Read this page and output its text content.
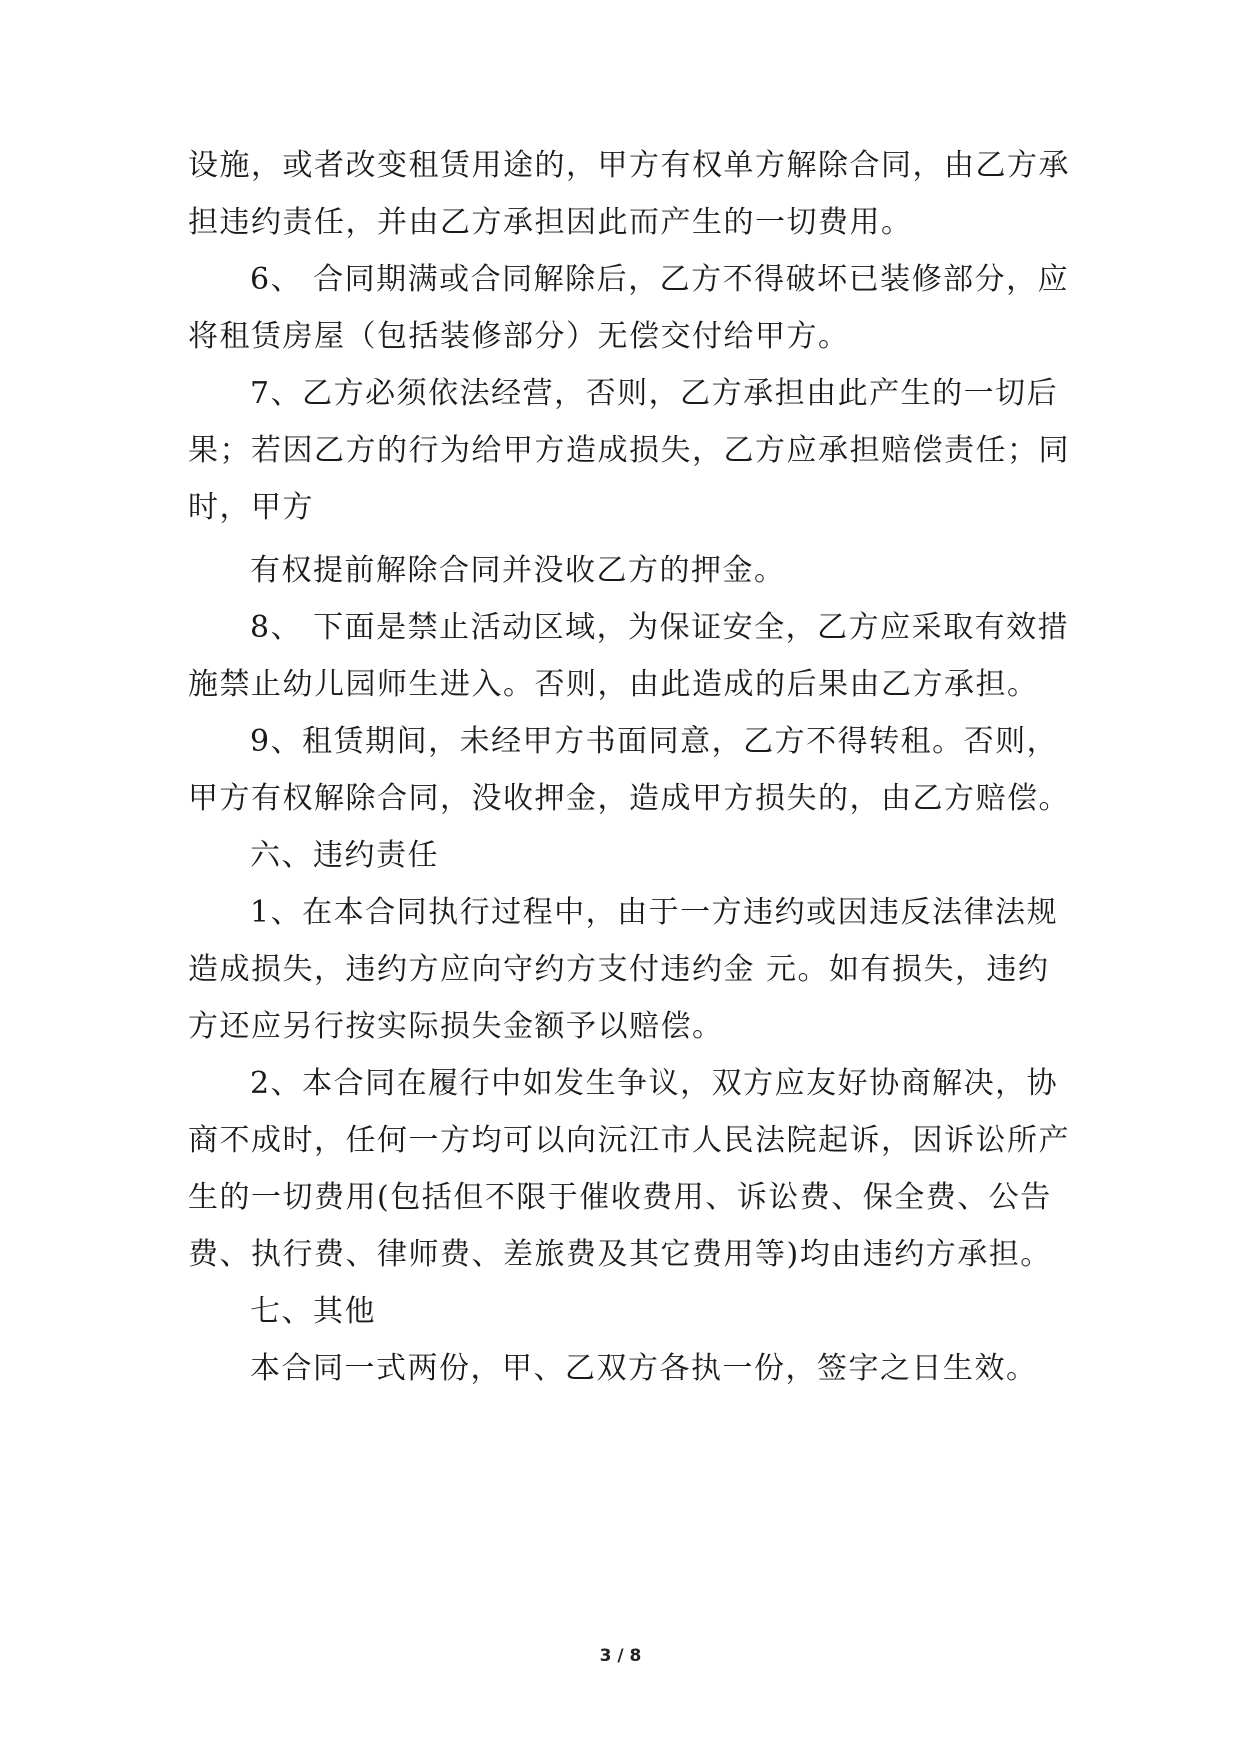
设施，或者改变租赁用途的，甲方有权单方解除合同，由乙方承
担违约责任，并由乙方承担因此而产生的一切费用。
6、 合同期满或合同解除后，乙方不得破坏已装修部分，应
将租赁房屋（包括装修部分）无偿交付给甲方。
7、乙方必须依法经营，否则，乙方承担由此产生的一切后
果；若因乙方的行为给甲方造成损失，乙方应承担赔偿责任；同
时，甲方
有权提前解除合同并没收乙方的押金。
8、 下面是禁止活动区域，为保证安全，乙方应采取有效措
施禁止幼儿园师生进入。否则，由此造成的后果由乙方承担。
9、租赁期间，未经甲方书面同意，乙方不得转租。否则，
甲方有权解除合同，没收押金，造成甲方损失的，由乙方赔偿。
六、违约责任
1、在本合同执行过程中，由于一方违约或因违反法律法规
造成损失，违约方应向守约方支付违约金 元。如有损失，违约
方还应另行按实际损失金额予以赔偿。
2、本合同在履行中如发生争议，双方应友好协商解决，协
商不成时，任何一方均可以向沅江市人民法院起诉，因诉讼所产
生的一切费用(包括但不限于催收费用、诉讼费、保全费、公告
费、执行费、律师费、差旅费及其它费用等)均由违约方承担。
七、其他
本合同一式两份，甲、乙双方各执一份，签字之日生效。
3 / 8
